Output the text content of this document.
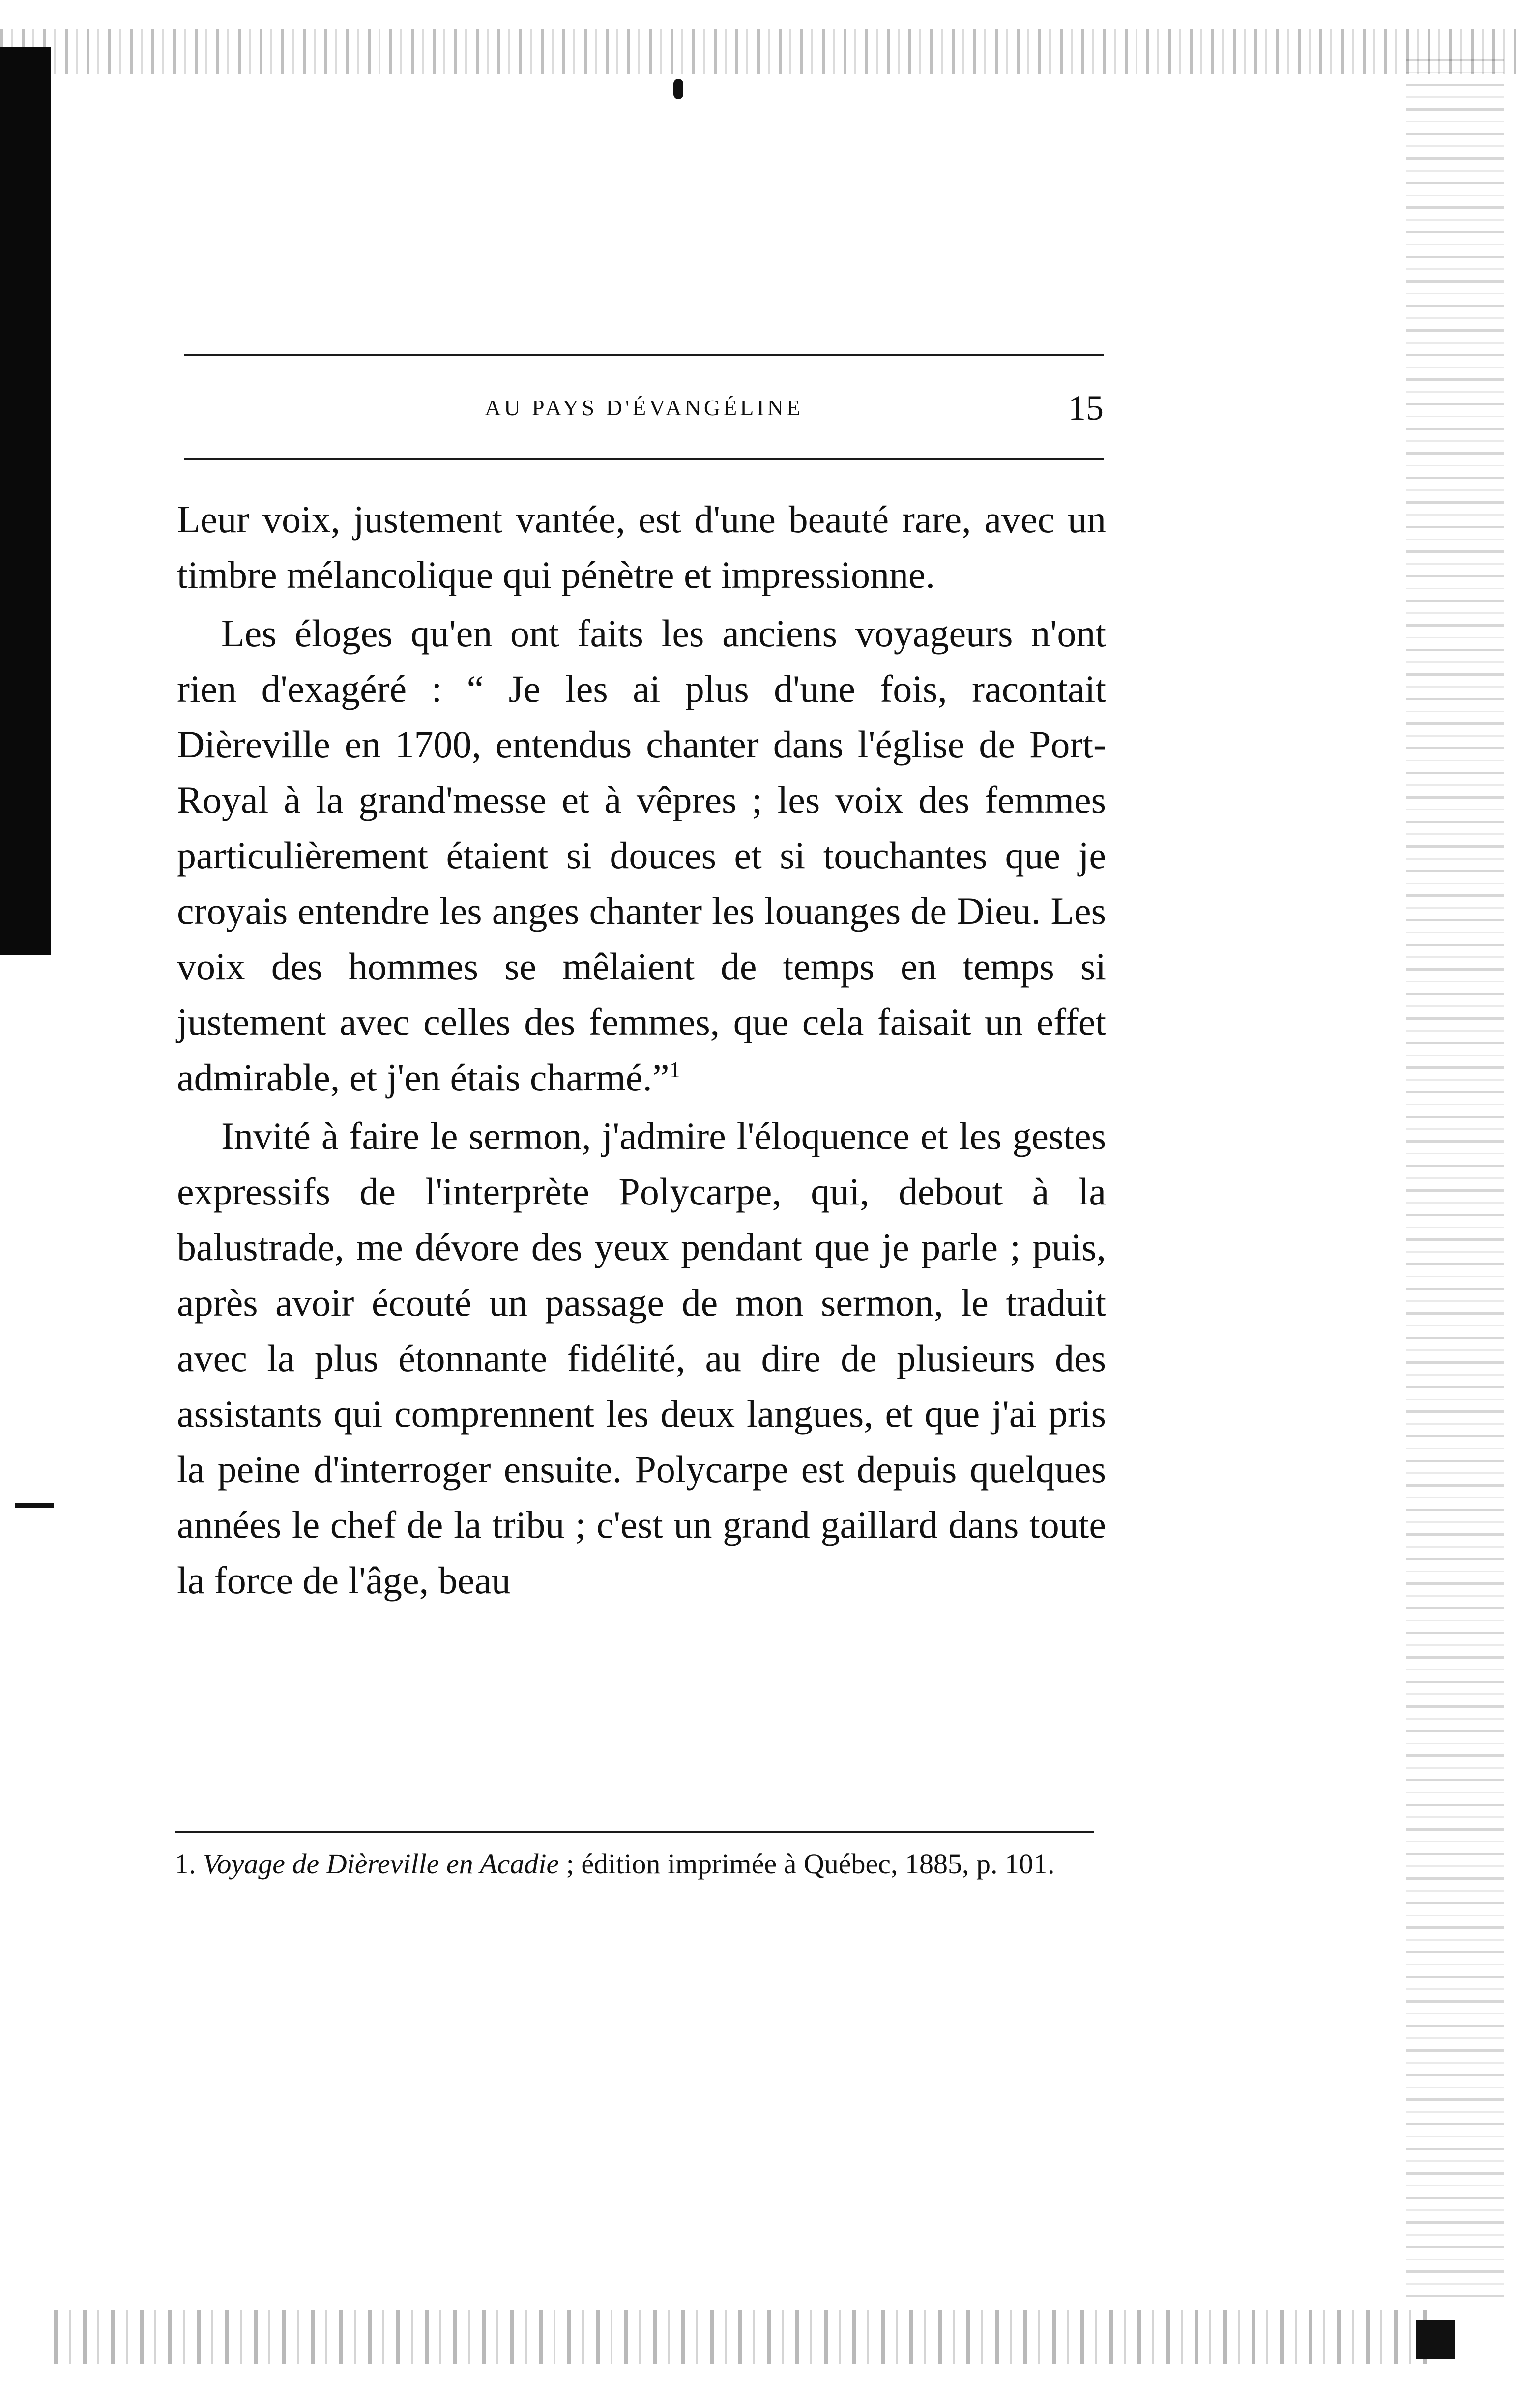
AU PAYS D'ÉVANGÉLINE	15

Leur voix, justement vantée, est d'une beauté rare, avec un timbre mélancolique qui pénètre et impressionne.

Les éloges qu'en ont faits les anciens voyageurs n'ont rien d'exagéré : “ Je les ai plus d'une fois, racontait Dièreville en 1700, entendus chanter dans l'église de Port-Royal à la grand'messe et à vêpres ; les voix des femmes particulièrement étaient si douces et si touchantes que je croyais entendre les anges chanter les louanges de Dieu. Les voix des hommes se mêlaient de temps en temps si justement avec celles des femmes, que cela faisait un effet admirable, et j'en étais charmé.”$^1$

Invité à faire le sermon, j'admire l'éloquence et les gestes expressifs de l'interprète Polycarpe, qui, debout à la balustrade, me dévore des yeux pendant que je parle ; puis, après avoir écouté un passage de mon sermon, le traduit avec la plus étonnante fidélité, au dire de plusieurs des assistants qui comprennent les deux langues, et que j'ai pris la peine d'interroger ensuite. Polycarpe est depuis quelques années le chef de la tribu ; c'est un grand gaillard dans toute la force de l'âge, beau

1. Voyage de Dièreville en Acadie ; édition imprimée à Québec, 1885, p. 101.
